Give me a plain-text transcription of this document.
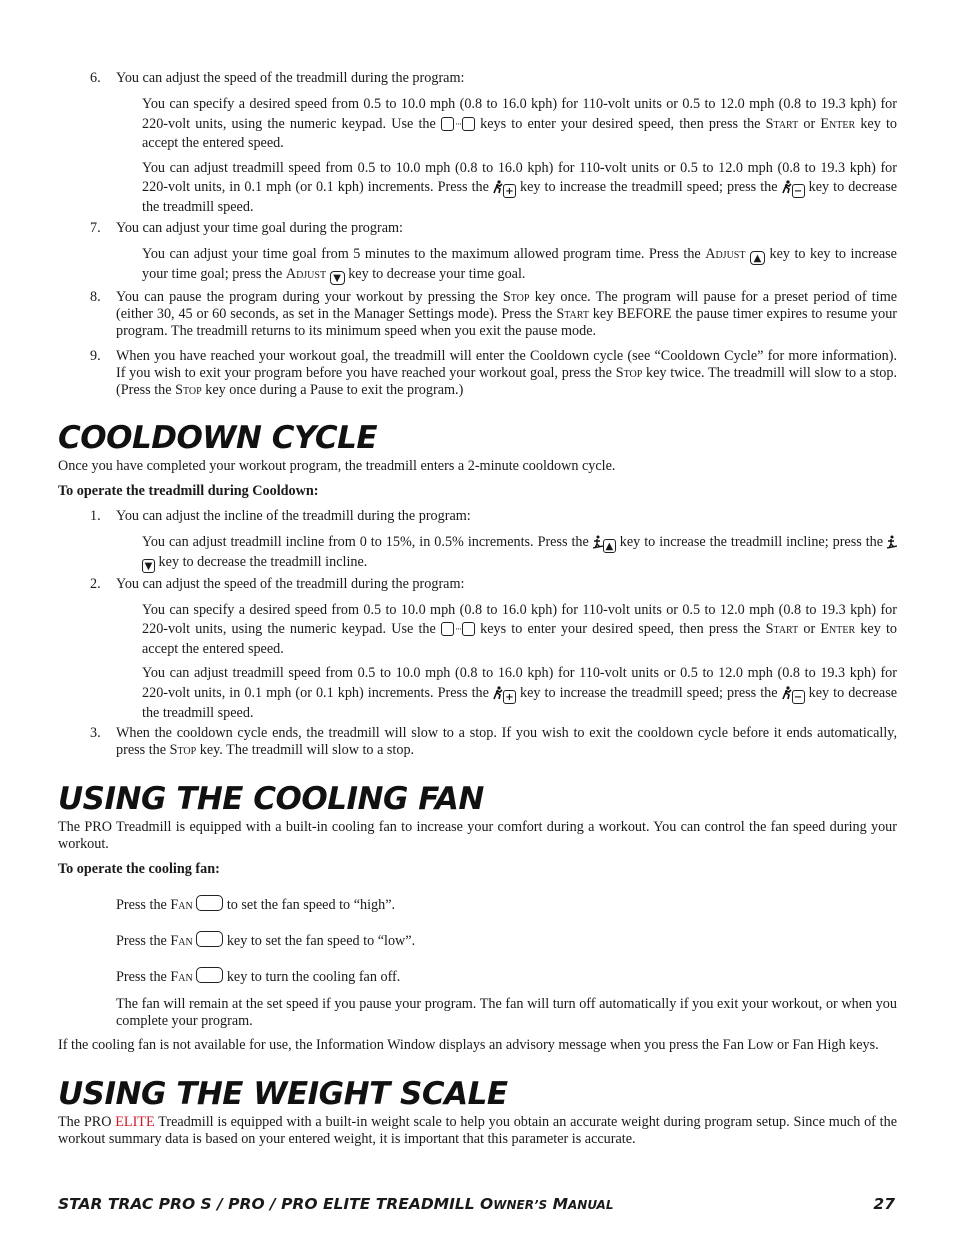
6. You can adjust the speed of the treadmill during the program:
You can specify a desired speed from 0.5 to 10.0 mph (0.8 to 16.0 kph) for 110-volt units or 0.5 to 12.0 mph (0.8 to 19.3 kph) for 220-volt units, using the numeric keypad. Use the ··· keys to enter your desired speed, then press the Start or Enter key to accept the entered speed.
You can adjust treadmill speed from 0.5 to 10.0 mph (0.8 to 16.0 kph) for 110-volt units or 0.5 to 12.0 mph (0.8 to 19.3 kph) for 220-volt units, in 0.1 mph (or 0.1 kph) increments. Press the + key to increase the treadmill speed; press the − key to decrease the treadmill speed.
7. You can adjust your time goal during the program:
You can adjust your time goal from 5 minutes to the maximum allowed program time. Press the Adjust ▲ key to key to increase your time goal; press the Adjust ▼ key to decrease your time goal.
8. You can pause the program during your workout by pressing the Stop key once. The program will pause for a preset period of time (either 30, 45 or 60 seconds, as set in the Manager Settings mode). Press the Start key BEFORE the pause timer expires to resume your program. The treadmill returns to its minimum speed when you exit the pause mode.
9. When you have reached your workout goal, the treadmill will enter the Cooldown cycle (see “Cooldown Cycle” for more information). If you wish to exit your program before you have reached your workout goal, press the Stop key twice. The treadmill will slow to a stop. (Press the Stop key once during a Pause to exit the program.)
COOLDOWN CYCLE
Once you have completed your workout program, the treadmill enters a 2-minute cooldown cycle.
To operate the treadmill during Cooldown:
1. You can adjust the incline of the treadmill during the program:
You can adjust treadmill incline from 0 to 15%, in 0.5% increments. Press the ▲ key to increase the treadmill incline; press the
▼ key to decrease the treadmill incline.
2. You can adjust the speed of the treadmill during the program:
You can specify a desired speed from 0.5 to 10.0 mph (0.8 to 16.0 kph) for 110-volt units or 0.5 to 12.0 mph (0.8 to 19.3 kph) for 220-volt units, using the numeric keypad. Use the ··· keys to enter your desired speed, then press the Start or Enter key to accept the entered speed.
You can adjust treadmill speed from 0.5 to 10.0 mph (0.8 to 16.0 kph) for 110-volt units or 0.5 to 12.0 mph (0.8 to 19.3 kph) for 220-volt units, in 0.1 mph (or 0.1 kph) increments. Press the + key to increase the treadmill speed; press the − key to decrease the treadmill speed.
3. When the cooldown cycle ends, the treadmill will slow to a stop. If you wish to exit the cooldown cycle before it ends automatically, press the Stop key. The treadmill will slow to a stop.
USING THE COOLING FAN
The PRO Treadmill is equipped with a built-in cooling fan to increase your comfort during a workout. You can control the fan speed during your workout.
To operate the cooling fan:
Press the Fan to set the fan speed to “high”.
Press the Fan key to set the fan speed to “low”.
Press the Fan key to turn the cooling fan off.
The fan will remain at the set speed if you pause your program. The fan will turn off automatically if you exit your workout, or when you complete your program.
If the cooling fan is not available for use, the Information Window displays an advisory message when you press the Fan Low or Fan High keys.
USING THE WEIGHT SCALE
The PRO ELITE Treadmill is equipped with a built-in weight scale to help you obtain an accurate weight during program setup. Since much of the workout summary data is based on your entered weight, it is important that this parameter is accurate.
STAR TRAC PRO S / PRO / PRO ELITE TREADMILL OWNER’S MANUAL	27
